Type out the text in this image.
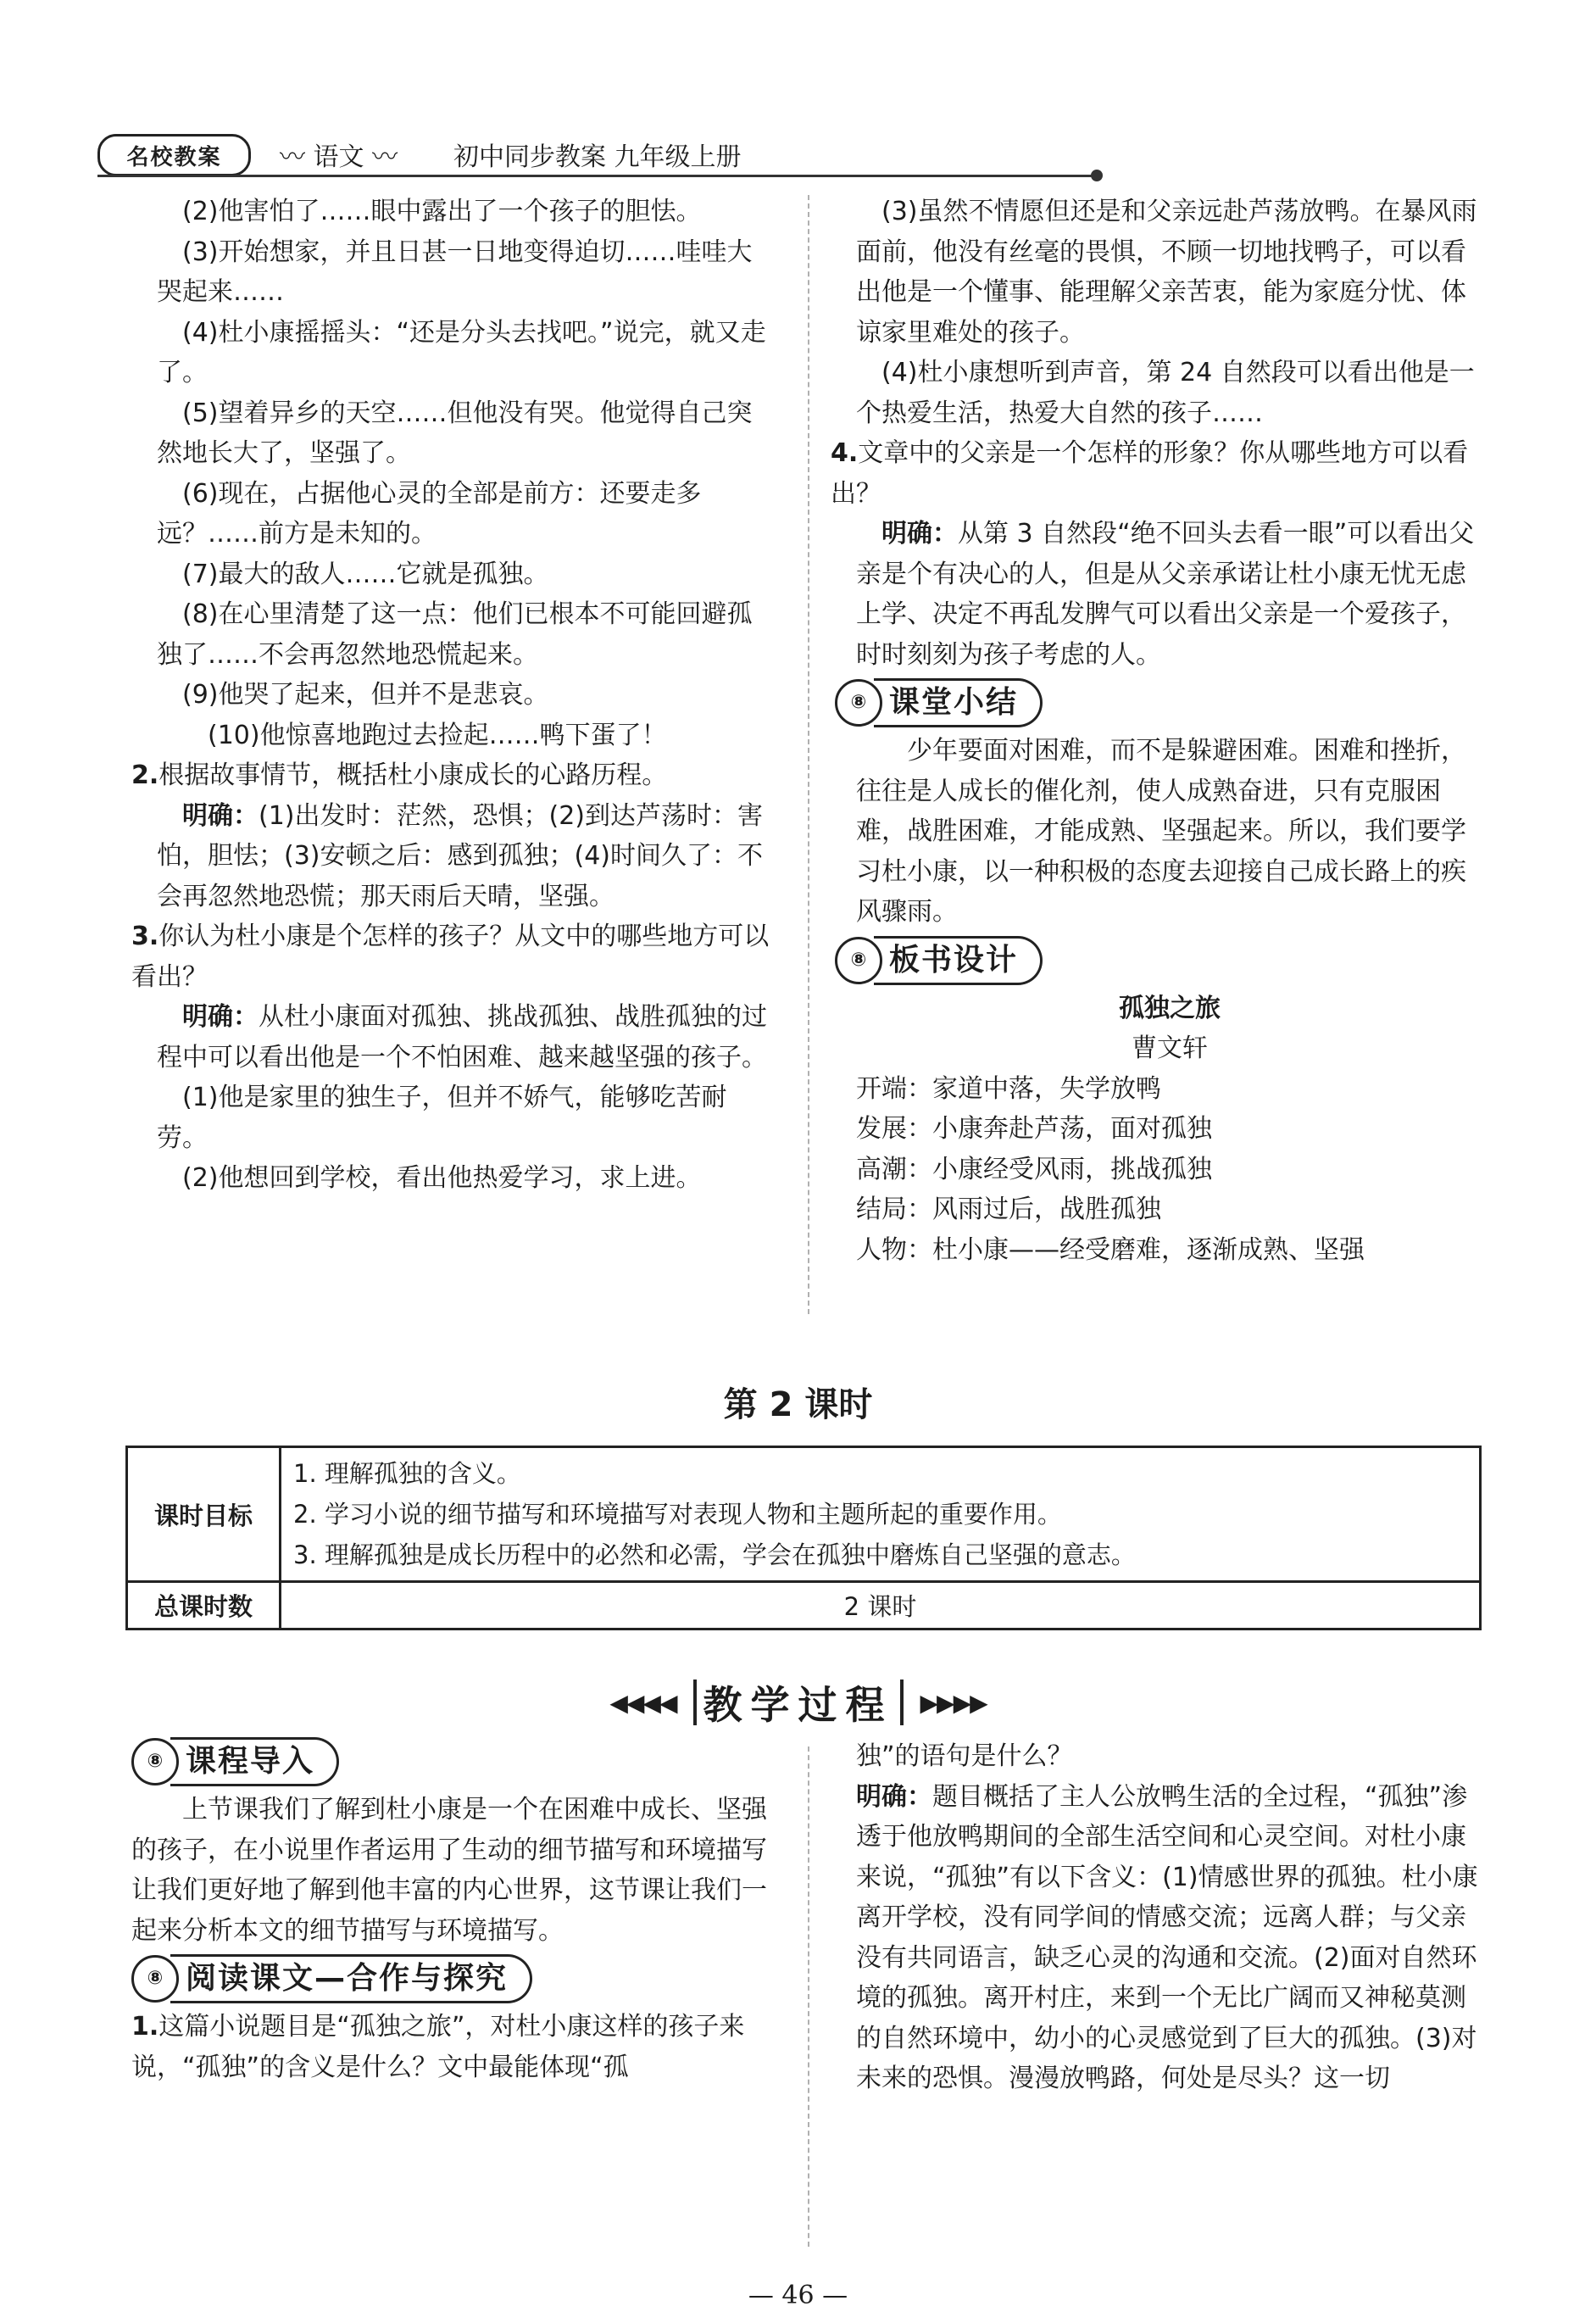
名校教案	〰 语文 〰 初中同步教案 九年级上册

(2)他害怕了……眼中露出了一个孩子的胆怯。

(3)开始想家，并且日甚一日地变得迫切……哇哇大哭起来……

(4)杜小康摇摇头：“还是分头去找吧。”说完，就又走了。

(5)望着异乡的天空……但他没有哭。他觉得自己突然地长大了，坚强了。

(6)现在，占据他心灵的全部是前方：还要走多远？……前方是未知的。

(7)最大的敌人……它就是孤独。

(8)在心里清楚了这一点：他们已根本不可能回避孤独了……不会再忽然地恐慌起来。

(9)他哭了起来，但并不是悲哀。

(10)他惊喜地跑过去捡起……鸭下蛋了！

2.根据故事情节，概括杜小康成长的心路历程。

明确：(1)出发时：茫然，恐惧；(2)到达芦荡时：害怕，胆怯；(3)安顿之后：感到孤独；(4)时间久了：不会再忽然地恐慌；那天雨后天晴，坚强。

3.你认为杜小康是个怎样的孩子？从文中的哪些地方可以看出？

明确：从杜小康面对孤独、挑战孤独、战胜孤独的过程中可以看出他是一个不怕困难、越来越坚强的孩子。

(1)他是家里的独生子，但并不娇气，能够吃苦耐劳。

(2)他想回到学校，看出他热爱学习，求上进。

(3)虽然不情愿但还是和父亲远赴芦荡放鸭。在暴风雨面前，他没有丝毫的畏惧，不顾一切地找鸭子，可以看出他是一个懂事、能理解父亲苦衷，能为家庭分忧、体谅家里难处的孩子。

(4)杜小康想听到声音，第 24 自然段可以看出他是一个热爱生活，热爱大自然的孩子……

4.文章中的父亲是一个怎样的形象？你从哪些地方可以看出？

明确：从第 3 自然段“绝不回头去看一眼”可以看出父亲是个有决心的人，但是从父亲承诺让杜小康无忧无虑上学、决定不再乱发脾气可以看出父亲是一个爱孩子，时时刻刻为孩子考虑的人。

⑧ 课堂小结

少年要面对困难，而不是躲避困难。困难和挫折，往往是人成长的催化剂，使人成熟奋进，只有克服困难，战胜困难，才能成熟、坚强起来。所以，我们要学习杜小康，以一种积极的态度去迎接自己成长路上的疾风骤雨。

⑧ 板书设计

孤独之旅

曹文轩

开端：家道中落，失学放鸭

发展：小康奔赴芦荡，面对孤独

高潮：小康经受风雨，挑战孤独

结局：风雨过后，战胜孤独

人物：杜小康——经受磨难，逐渐成熟、坚强

第 2 课时
课时目标	1. 理解孤独的含义。
2. 学习小说的细节描写和环境描写对表现人物和主题所起的重要作用。
3. 理解孤独是成长历程中的必然和必需，学会在孤独中磨炼自己坚强的意志。

总课时数	2 课时
◀◀◀◀ 教学过程 ▶▶▶▶
⑧ 课程导入

上节课我们了解到杜小康是一个在困难中成长、坚强的孩子，在小说里作者运用了生动的细节描写和环境描写让我们更好地了解到他丰富的内心世界，这节课让我们一起来分析本文的细节描写与环境描写。

⑧ 阅读课文—合作与探究

1.这篇小说题目是“孤独之旅”，对杜小康这样的孩子来说，“孤独”的含义是什么？文中最能体现“孤

独”的语句是什么？

明确：题目概括了主人公放鸭生活的全过程，“孤独”渗透于他放鸭期间的全部生活空间和心灵空间。对杜小康来说，“孤独”有以下含义：(1)情感世界的孤独。杜小康离开学校，没有同学间的情感交流；远离人群；与父亲没有共同语言，缺乏心灵的沟通和交流。(2)面对自然环境的孤独。离开村庄，来到一个无比广阔而又神秘莫测的自然环境中，幼小的心灵感觉到了巨大的孤独。(3)对未来的恐惧。漫漫放鸭路，何处是尽头？这一切

— 46 —
